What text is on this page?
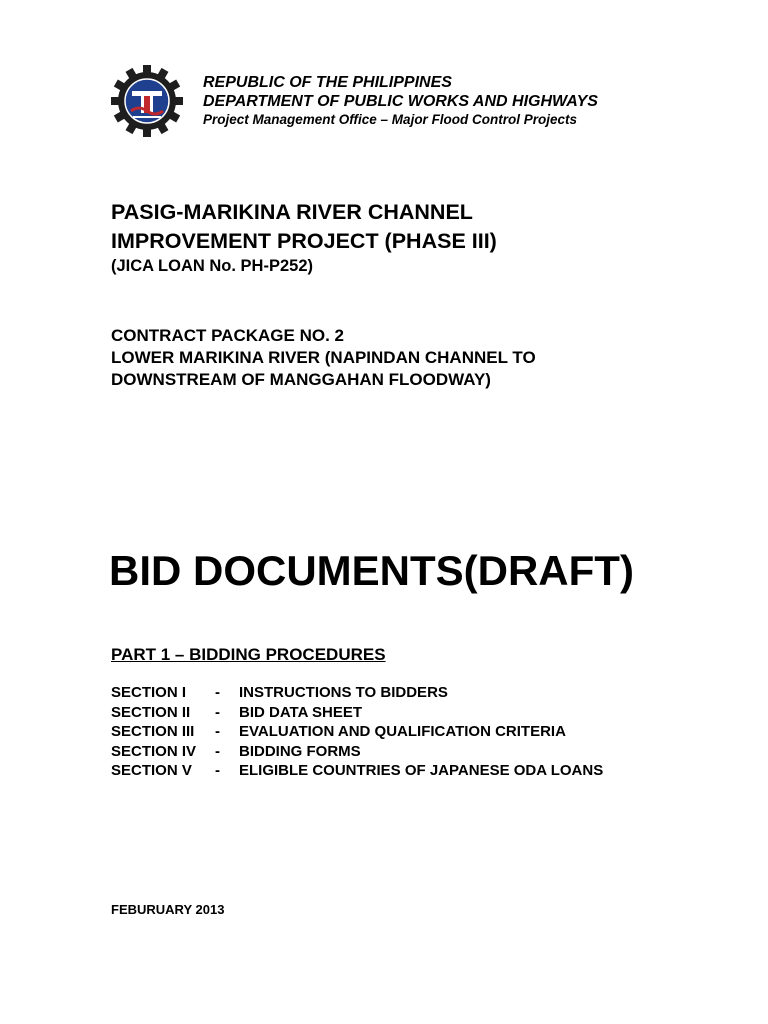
REPUBLIC OF THE PHILIPPINES
DEPARTMENT OF PUBLIC WORKS AND HIGHWAYS
Project Management Office – Major Flood Control Projects
PASIG-MARIKINA RIVER CHANNEL
IMPROVEMENT PROJECT (PHASE III)
(JICA LOAN No. PH-P252)
CONTRACT PACKAGE NO. 2
LOWER MARIKINA RIVER (NAPINDAN CHANNEL TO
DOWNSTREAM OF MANGGAHAN FLOODWAY)
BID DOCUMENTS(DRAFT)
PART 1 – BIDDING PROCEDURES
SECTION I	-	INSTRUCTIONS TO BIDDERS
SECTION II	-	BID DATA SHEET
SECTION III	-	EVALUATION AND QUALIFICATION CRITERIA
SECTION IV	-	BIDDING FORMS
SECTION V	-	ELIGIBLE COUNTRIES OF JAPANESE ODA LOANS
FEBURUARY 2013
